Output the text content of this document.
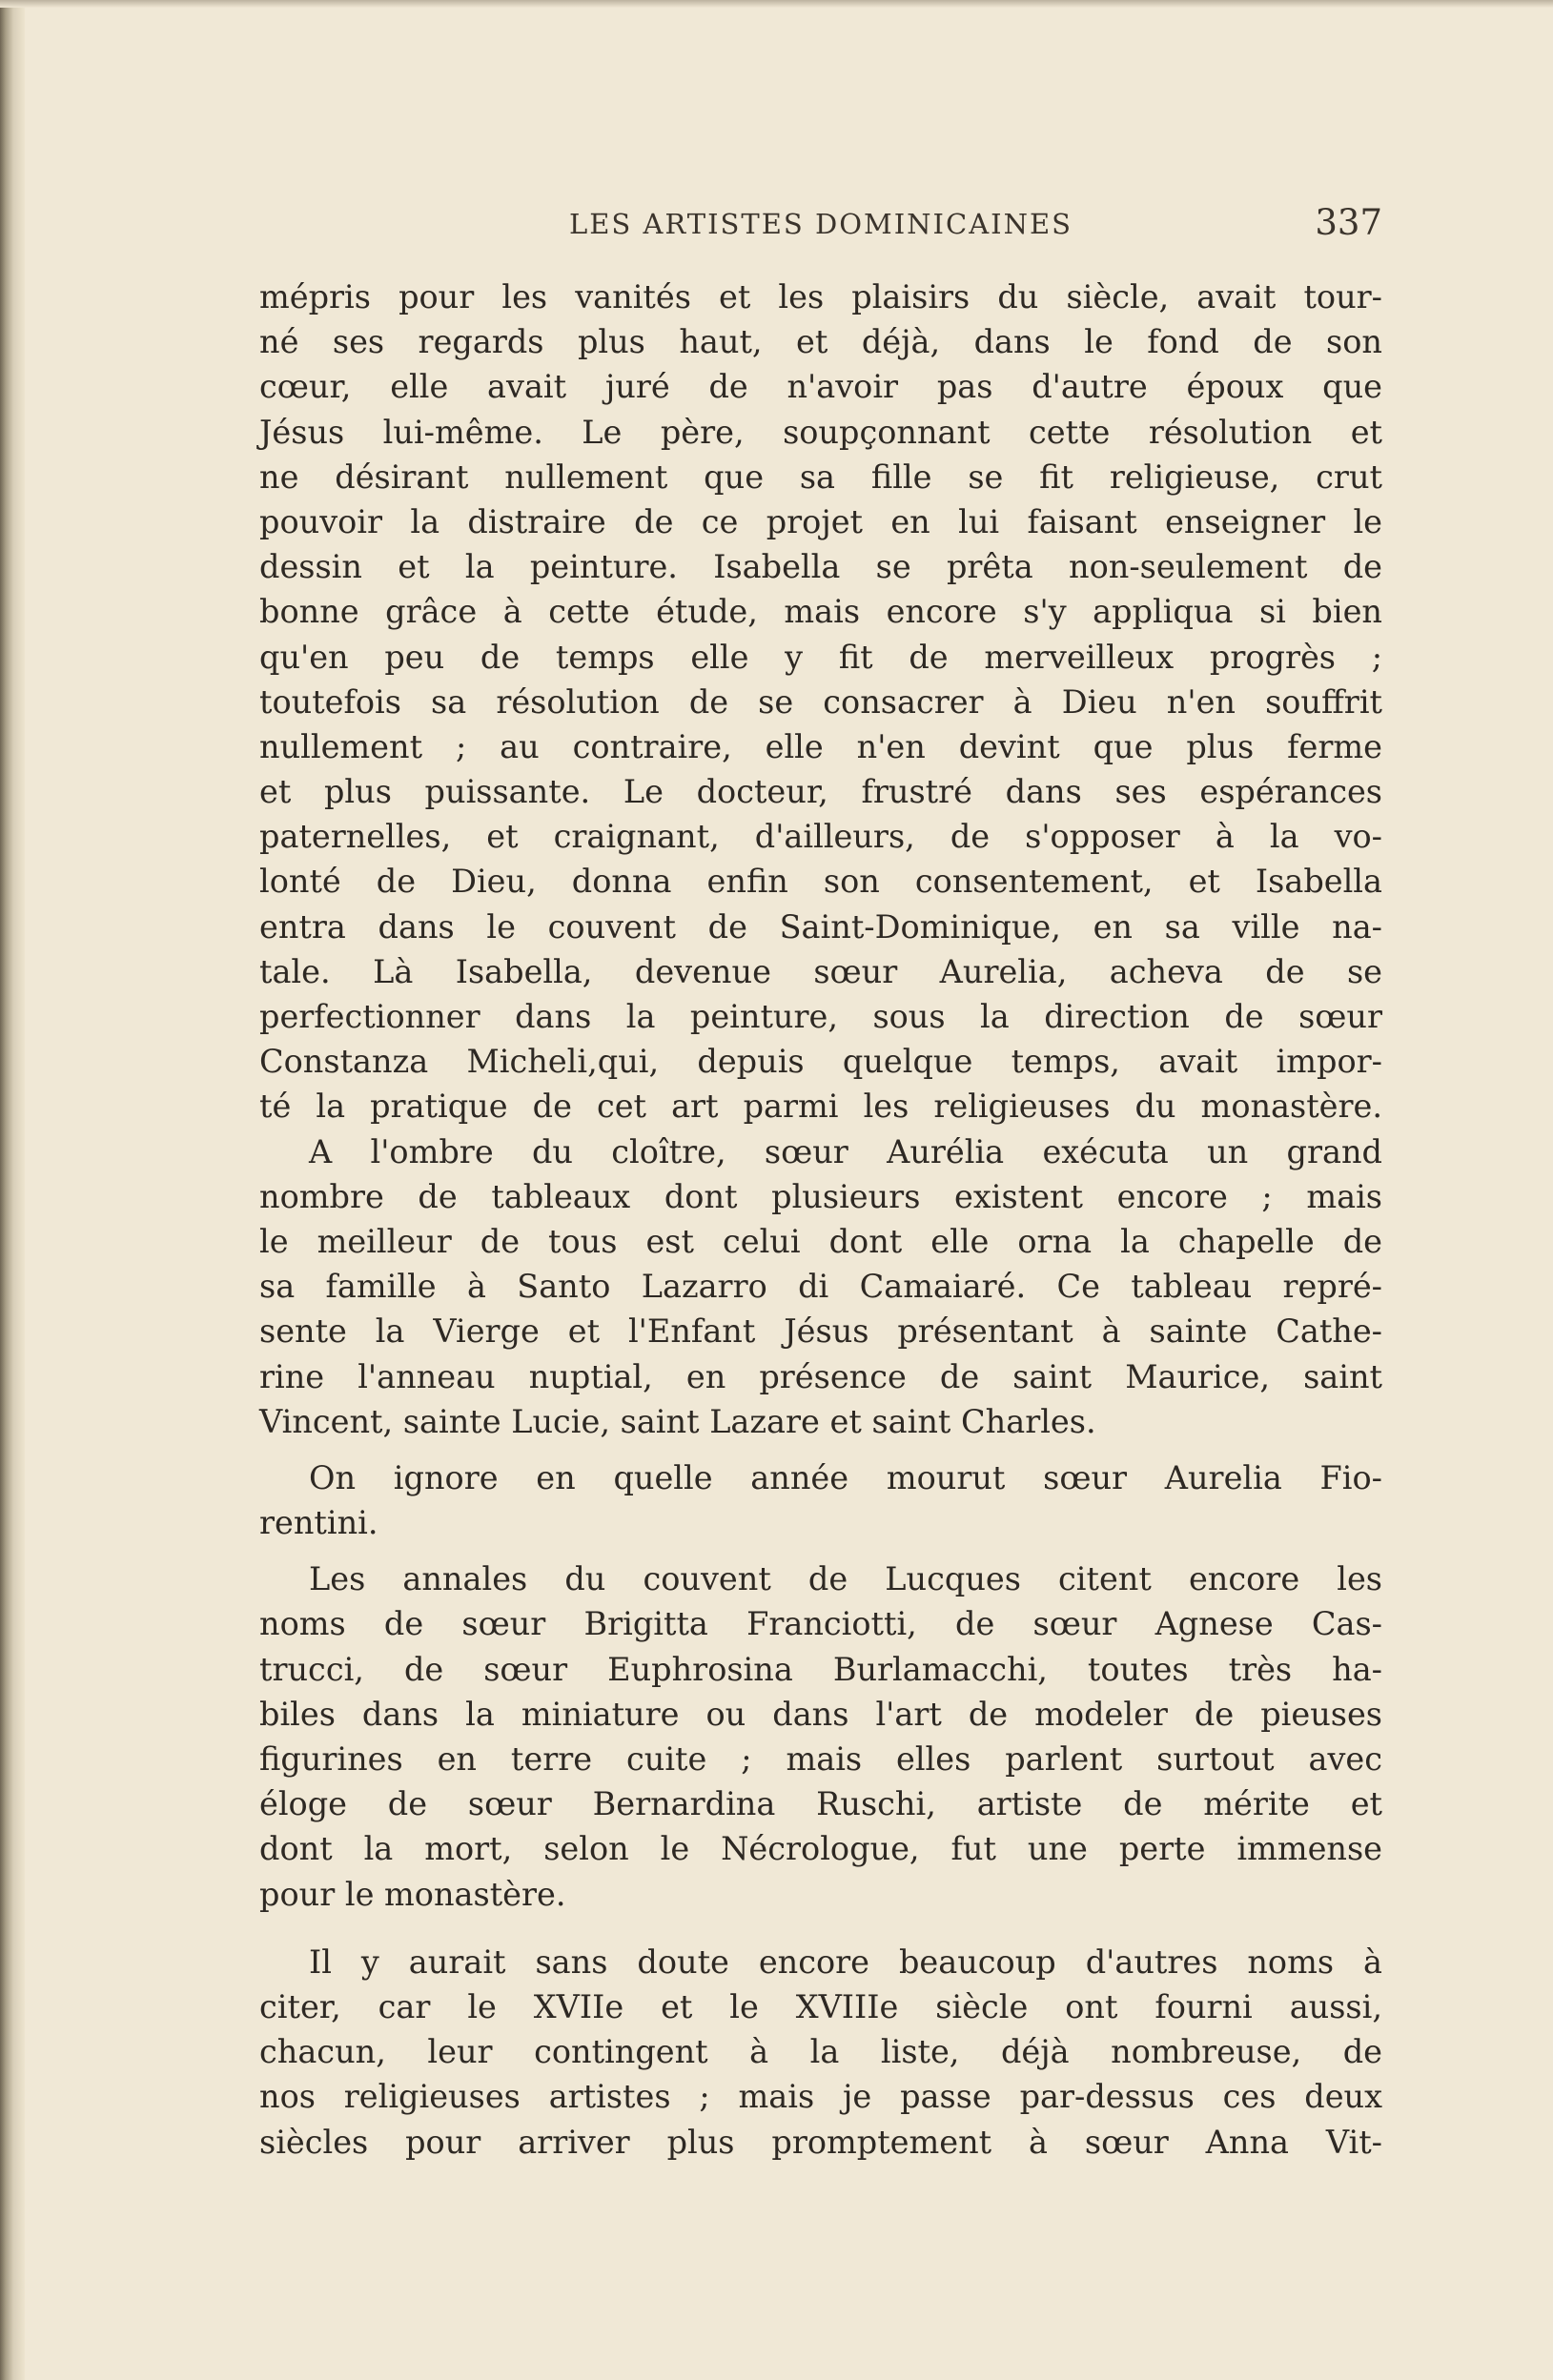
LES ARTISTES DOMINICAINES	337
mépris pour les vanités et les plaisirs du siècle, avait tour-
né ses regards plus haut, et déjà, dans le fond de son
cœur, elle avait juré de n'avoir pas d'autre époux que
Jésus lui-même. Le père, soupçonnant cette résolution et
ne désirant nullement que sa fille se fit religieuse, crut
pouvoir la distraire de ce projet en lui faisant enseigner le
dessin et la peinture. Isabella se prêta non-seulement de
bonne grâce à cette étude, mais encore s'y appliqua si bien
qu'en peu de temps elle y fit de merveilleux progrès ;
toutefois sa résolution de se consacrer à Dieu n'en souffrit
nullement ; au contraire, elle n'en devint que plus ferme
et plus puissante. Le docteur, frustré dans ses espérances
paternelles, et craignant, d'ailleurs, de s'opposer à la vo-
lonté de Dieu, donna enfin son consentement, et Isabella
entra dans le couvent de Saint-Dominique, en sa ville na-
tale. Là Isabella, devenue sœur Aurelia, acheva de se
perfectionner dans la peinture, sous la direction de sœur
Constanza Micheli,qui, depuis quelque temps, avait impor-
té la pratique de cet art parmi les religieuses du monastère.
A l'ombre du cloître, sœur Aurélia exécuta un grand
nombre de tableaux dont plusieurs existent encore ; mais
le meilleur de tous est celui dont elle orna la chapelle de
sa famille à Santo Lazarro di Camaiaré. Ce tableau repré-
sente la Vierge et l'Enfant Jésus présentant à sainte Cathe-
rine l'anneau nuptial, en présence de saint Maurice, saint
Vincent, sainte Lucie, saint Lazare et saint Charles.
On ignore en quelle année mourut sœur Aurelia Fio-
rentini.
Les annales du couvent de Lucques citent encore les
noms de sœur Brigitta Franciotti, de sœur Agnese Cas-
trucci, de sœur Euphrosina Burlamacchi, toutes très ha-
biles dans la miniature ou dans l'art de modeler de pieuses
figurines en terre cuite ; mais elles parlent surtout avec
éloge de sœur Bernardina Ruschi, artiste de mérite et
dont la mort, selon le Nécrologue, fut une perte immense
pour le monastère.
Il y aurait sans doute encore beaucoup d'autres noms à
citer, car le XVIIe et le XVIIIe siècle ont fourni aussi,
chacun, leur contingent à la liste, déjà nombreuse, de
nos religieuses artistes ; mais je passe par-dessus ces deux
siècles pour arriver plus promptement à sœur Anna Vit-
